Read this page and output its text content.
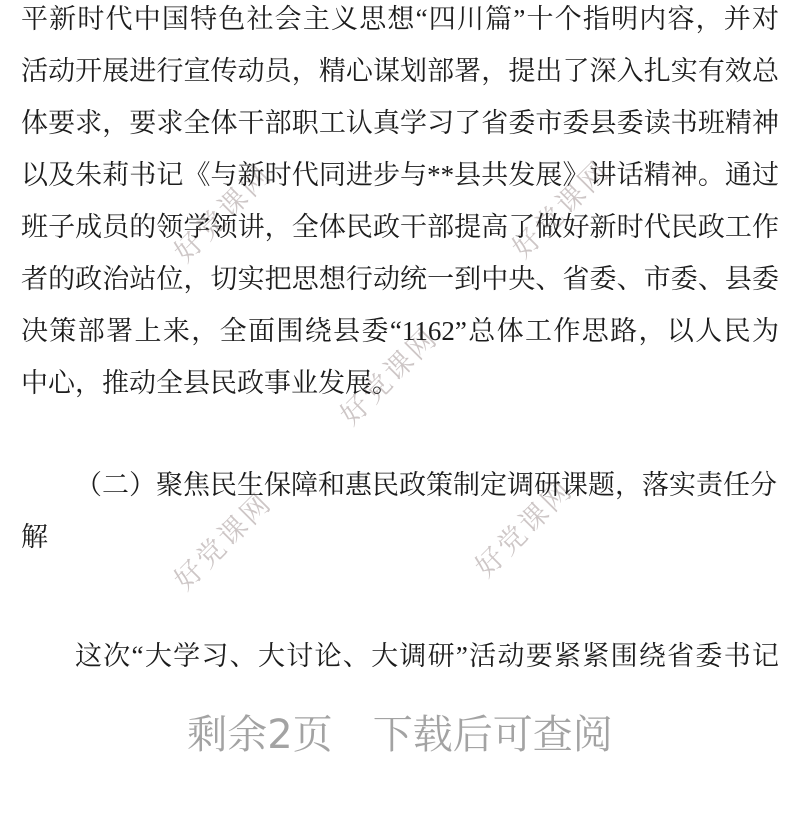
好党课网	好党课网
好党课网
好党课网
好党课网
平新时代中国特色社会主义思想“四川篇”十个指明内容，并对
活动开展进行宣传动员，精心谋划部署，提出了深入扎实有效总
体要求，要求全体干部职工认真学习了省委市委县委读书班精神
以及朱莉书记《与新时代同进步与**县共发展》讲话精神。通过
班子成员的领学领讲，全体民政干部提高了做好新时代民政工作
者的政治站位，切实把思想行动统一到中央、省委、市委、县委
决策部署上来，全面围绕县委“1162”总体工作思路，以人民为
中心，推动全县民政事业发展。
（二）聚焦民生保障和惠民政策制定调研课题，落实责任分
解
这次“大学习、大讨论、大调研”活动要紧紧围绕省委书记
剩余2页　下载后可查阅
